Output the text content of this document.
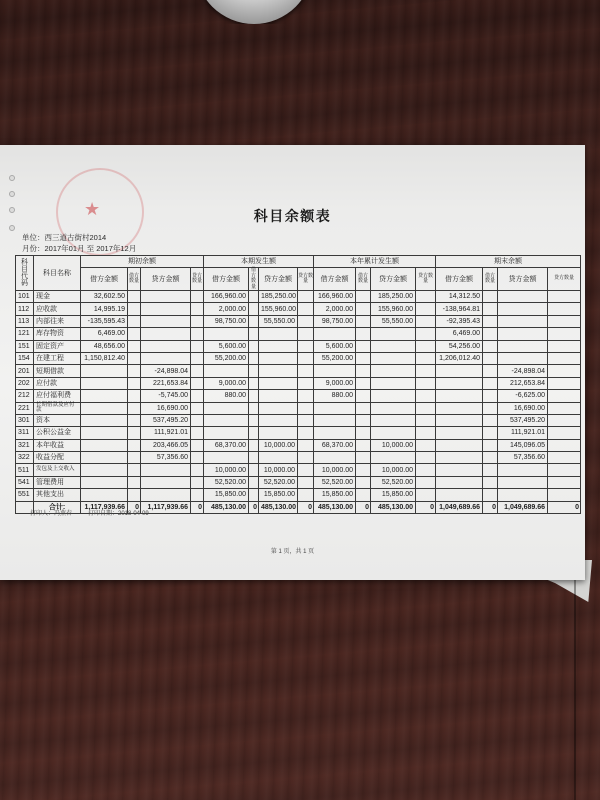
★	科目余额表
单位：西三道古街村2014
月份：2017年01月 至 2017年12月
科目代码	科目名称	期初余额				本期发生额				本年累计发生额				期末余额			
		借方金额	借方数量	贷方金额	贷方数量	借方金额	借方数量	贷方金额	贷方数量	借方金额	借方数量	贷方金额	贷方数量	借方金额	借方数量	贷方金额	贷方数量
101	现金	32,602.50				166,960.00		185,250.00		166,960.00		185,250.00		14,312.50			
112	应收款	14,995.19				2,000.00		155,960.00		2,000.00		155,960.00		-138,964.81			
113	内部往来	-135,595.43				98,750.00		55,550.00		98,750.00		55,550.00		-92,395.43			
121	库存物资	6,469.00												6,469.00			
151	固定资产	48,656.00				5,600.00				5,600.00				54,256.00			
154	在建工程	1,150,812.40				55,200.00				55,200.00				1,206,012.40			
201	短期借款			-24,898.04												-24,898.04	
202	应付款			221,653.84		9,000.00				9,000.00						212,653.84	
212	应付福利费			-5,745.00		880.00				880.00						-6,625.00	
221	长期借款及应付款			16,690.00												16,690.00	
301	资本			537,495.20												537,495.20	
311	公积公益金			111,921.01												111,921.01	
321	本年收益			203,466.05		68,370.00		10,000.00		68,370.00		10,000.00				145,096.05	
322	收益分配			57,356.60												57,356.60	
511	发包及上交收入					10,000.00		10,000.00		10,000.00		10,000.00					
541	管理费用					52,520.00		52,520.00		52,520.00		52,520.00					
551	其他支出					15,850.00		15,850.00		15,850.00		15,850.00					
	合计:	1,117,939.66	0	1,117,939.66	0	485,130.00	0	485,130.00	0	485,130.00	0	485,130.00	0	1,049,689.66	0	1,049,689.66	0
打印人：冯燕春	打印日期：2018-04-09
第 1 页，共 1 页
